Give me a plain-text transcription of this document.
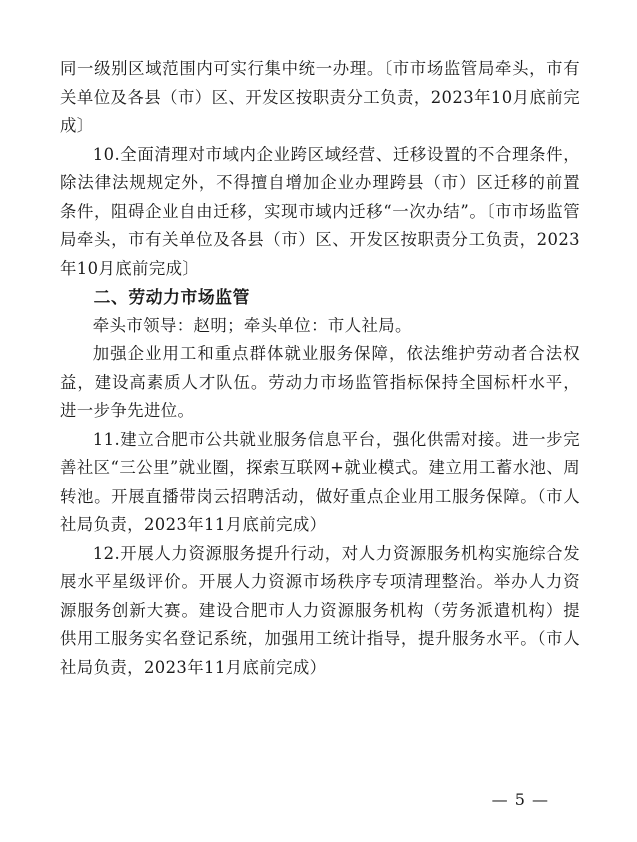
同一级别区域范围内可实行集中统一办理。〔市市场监管局牵头，市有关单位及各县（市）区、开发区按职责分工负责，2023年10月底前完成〕

10.全面清理对市域内企业跨区域经营、迁移设置的不合理条件，除法律法规规定外，不得擅自增加企业办理跨县（市）区迁移的前置条件，阻碍企业自由迁移，实现市域内迁移“一次办结”。〔市市场监管局牵头，市有关单位及各县（市）区、开发区按职责分工负责，2023年10月底前完成〕

二、劳动力市场监管

牵头市领导：赵明；牵头单位：市人社局。

加强企业用工和重点群体就业服务保障，依法维护劳动者合法权益，建设高素质人才队伍。劳动力市场监管指标保持全国标杆水平，进一步争先进位。

11.建立合肥市公共就业服务信息平台，强化供需对接。进一步完善社区“三公里”就业圈，探索互联网+就业模式。建立用工蓄水池、周转池。开展直播带岗云招聘活动，做好重点企业用工服务保障。（市人社局负责，2023年11月底前完成）

12.开展人力资源服务提升行动，对人力资源服务机构实施综合发展水平星级评价。开展人力资源市场秩序专项清理整治。举办人力资源服务创新大赛。建设合肥市人力资源服务机构（劳务派遣机构）提供用工服务实名登记系统，加强用工统计指导，提升服务水平。（市人社局负责，2023年11月底前完成）

— 5 —
